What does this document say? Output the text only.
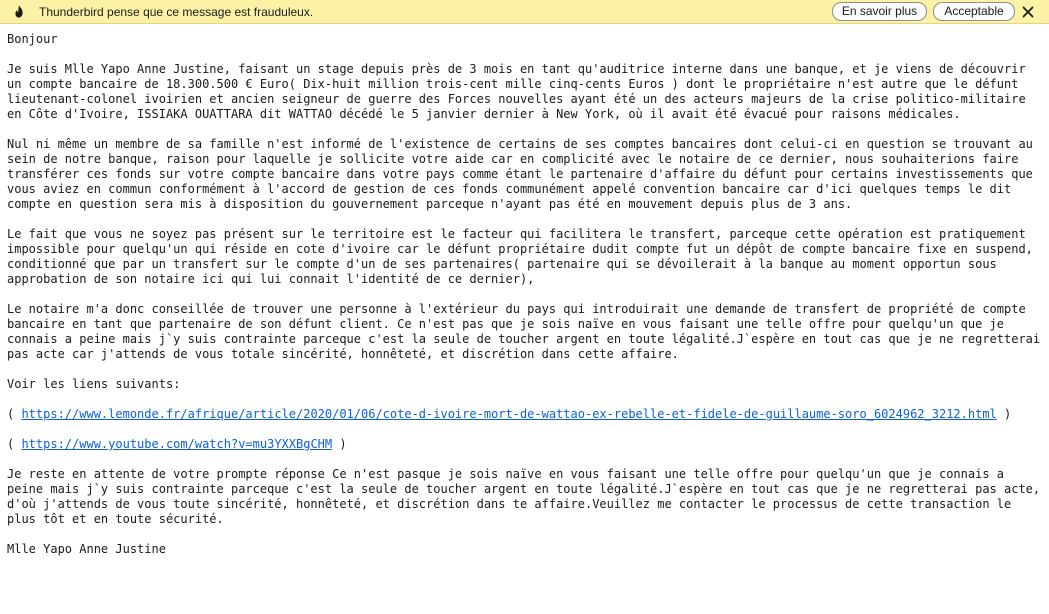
Thunderbird pense que ce message est frauduleux.	En savoir plus	Acceptable

Bonjour

Je suis Mlle Yapo Anne Justine, faisant un stage depuis près de 3 mois en tant qu'auditrice interne dans une banque, et je viens de découvrir
un compte bancaire de 18.300.500 € Euro( Dix-huit million trois-cent mille cinq-cents Euros ) dont le propriétaire n'est autre que le défunt
lieutenant-colonel ivoirien et ancien seigneur de guerre des Forces nouvelles ayant été un des acteurs majeurs de la crise politico-militaire
en Côte d'Ivoire, ISSIAKA OUATTARA dit WATTAO décédé le 5 janvier dernier à New York, où il avait été évacué pour raisons médicales.

Nul ni même un membre de sa famille n'est informé de l'existence de certains de ses comptes bancaires dont celui-ci en question se trouvant au
sein de notre banque, raison pour laquelle je sollicite votre aide car en complicité avec le notaire de ce dernier, nous souhaiterions faire
transférer ces fonds sur votre compte bancaire dans votre pays comme étant le partenaire d'affaire du défunt pour certains investissements que
vous aviez en commun conformément à l'accord de gestion de ces fonds communément appelé convention bancaire car d'ici quelques temps le dit
compte en question sera mis à disposition du gouvernement parceque n'ayant pas été en mouvement depuis plus de 3 ans.

Le fait que vous ne soyez pas présent sur le territoire est le facteur qui facilitera le transfert, parceque cette opération est pratiquement
impossible pour quelqu'un qui réside en cote d'ivoire car le défunt propriétaire dudit compte fut un dépôt de compte bancaire fixe en suspend,
conditionné que par un transfert sur le compte d'un de ses partenaires( partenaire qui se dévoilerait à la banque au moment opportun sous
approbation de son notaire ici qui lui connait l'identité de ce dernier),

Le notaire m'a donc conseillée de trouver une personne à l'extérieur du pays qui introduirait une demande de transfert de propriété de compte
bancaire en tant que partenaire de son défunt client. Ce n'est pas que je sois naïve en vous faisant une telle offre pour quelqu'un que je
connais a peine mais j`y suis contrainte parceque c'est la seule de toucher argent en toute légalité.J`espère en tout cas que je ne regretterai
pas acte car j'attends de vous totale sincérité, honnêteté, et discrétion dans cette affaire.

Voir les liens suivants:

( https://www.lemonde.fr/afrique/article/2020/01/06/cote-d-ivoire-mort-de-wattao-ex-rebelle-et-fidele-de-guillaume-soro_6024962_3212.html )

( https://www.youtube.com/watch?v=mu3YXXBgCHM )

Je reste en attente de votre prompte réponse Ce n'est pasque je sois naïve en vous faisant une telle offre pour quelqu'un que je connais a
peine mais j`y suis contrainte parceque c'est la seule de toucher argent en toute légalité.J`espère en tout cas que je ne regretterai pas acte,
d'où j'attends de vous toute sincérité, honnêteté, et discrétion dans te affaire.Veuillez me contacter le processus de cette transaction le
plus tôt et en toute sécurité.

Mlle Yapo Anne Justine
